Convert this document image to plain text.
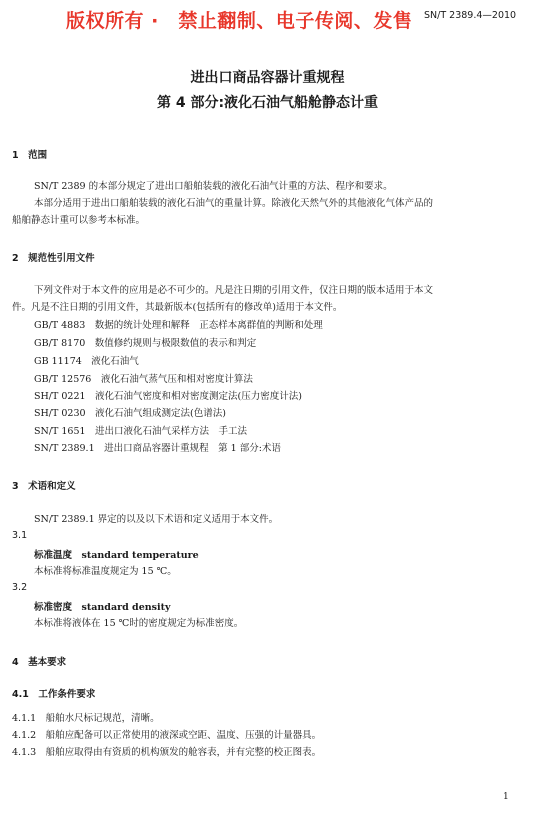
版权所有 ·　禁止翻制、电子传阅、发售 SN/T 2389.4—2010
进出口商品容器计重规程
第 4 部分:液化石油气船舱静态计重
1　范围
SN/T 2389 的本部分规定了进出口船舶装载的液化石油气计重的方法、程序和要求。
本部分适用于进出口船舶装载的液化石油气的重量计算。除液化天然气外的其他液化气体产品的
船舶静态计重可以参考本标准。
2　规范性引用文件
下列文件对于本文件的应用是必不可少的。凡是注日期的引用文件，仅注日期的版本适用于本文
件。凡是不注日期的引用文件，其最新版本(包括所有的修改单)适用于本文件。
GB/T 4883　数据的统计处理和解释　正态样本离群值的判断和处理
GB/T 8170　数值修约规则与极限数值的表示和判定
GB 11174　液化石油气
GB/T 12576　液化石油气蒸气压和相对密度计算法
SH/T 0221　液化石油气密度和相对密度测定法(压力密度计法)
SH/T 0230　液化石油气组成测定法(色谱法)
SN/T 1651　进出口液化石油气采样方法　手工法
SN/T 2389.1　进出口商品容器计重规程　第 1 部分:术语
3　术语和定义
SN/T 2389.1 界定的以及以下术语和定义适用于本文件。
3.1
标准温度　standard temperature
本标准将标准温度规定为 15 ℃。
3.2
标准密度　standard density
本标准将液体在 15 ℃时的密度规定为标准密度。
4　基本要求
4.1　工作条件要求
4.1.1　船舶水尺标记规范，清晰。
4.1.2　船舶应配备可以正常使用的液深或空距、温度、压强的计量器具。
4.1.3　船舶应取得由有资质的机构颁发的舱容表，并有完整的校正图表。
1
